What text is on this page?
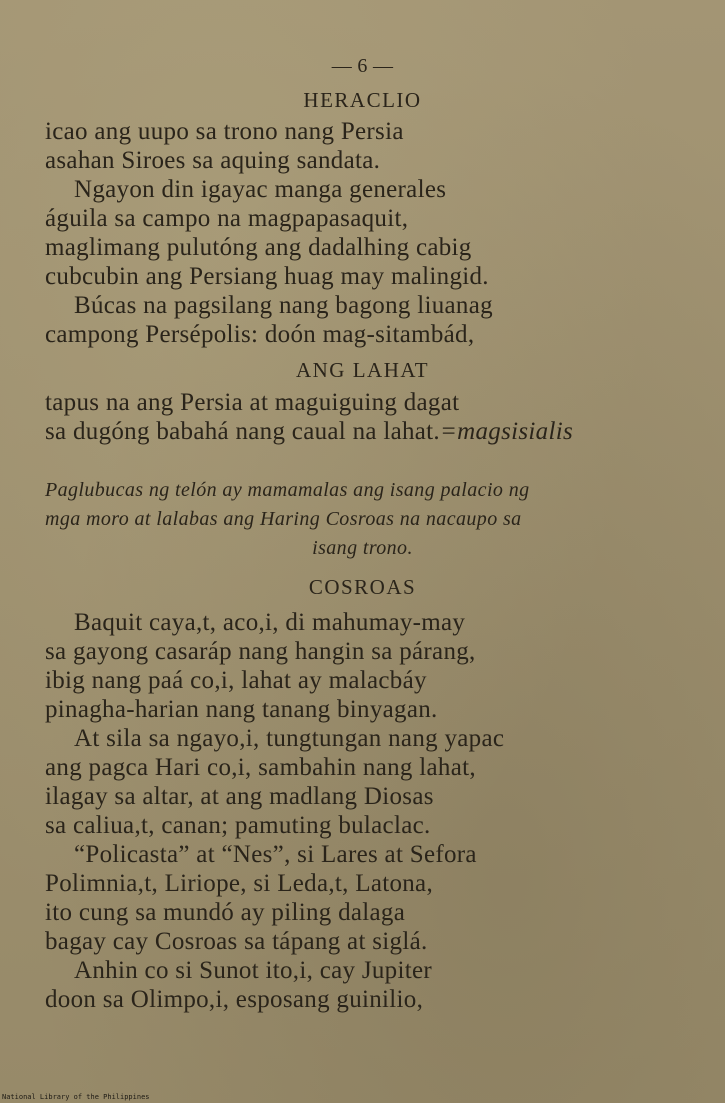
— 6 —
HERACLIO
icao ang uupo sa trono nang Persia
asahan Siroes sa aquing sandata.
Ngayon din igayac manga generales
águila sa campo na magpapasaquit,
maglimang pulutóng ang dadalhing cabig
cubcubin ang Persiang huag may malingid.
Búcas na pagsilang nang bagong liuanag
campong Persépolis: doón mag-sitambád,
ANG LAHAT
tapus na ang Persia at maguiguing dagat
sa dugóng babahá nang caual na lahat.=magsisialis
Paglubucas ng telón ay mamamalas ang isang palacio ng
mga moro at lalabas ang Haring Cosroas na nacaupo sa
isang trono.
COSROAS
Baquit caya,t, aco,i, di mahumay-may
sa gayong casaráp nang hangin sa párang,
ibig nang paá co,i, lahat ay malacbáy
pinagha-harian nang tanang binyagan.
At sila sa ngayo,i, tungtungan nang yapac
ang pagca Hari co,i, sambahin nang lahat,
ilagay sa altar, at ang madlang Diosas
sa caliua,t, canan; pamuting bulaclac.
“Policasta” at “Nes”, si Lares at Sefora
Polimnia,t, Liriope, si Leda,t, Latona,
ito cung sa mundó ay piling dalaga
bagay cay Cosroas sa tápang at siglá.
Anhin co si Sunot ito,i, cay Jupiter
doon sa Olimpo,i, esposang guinilio,
National Library of the Philippines
